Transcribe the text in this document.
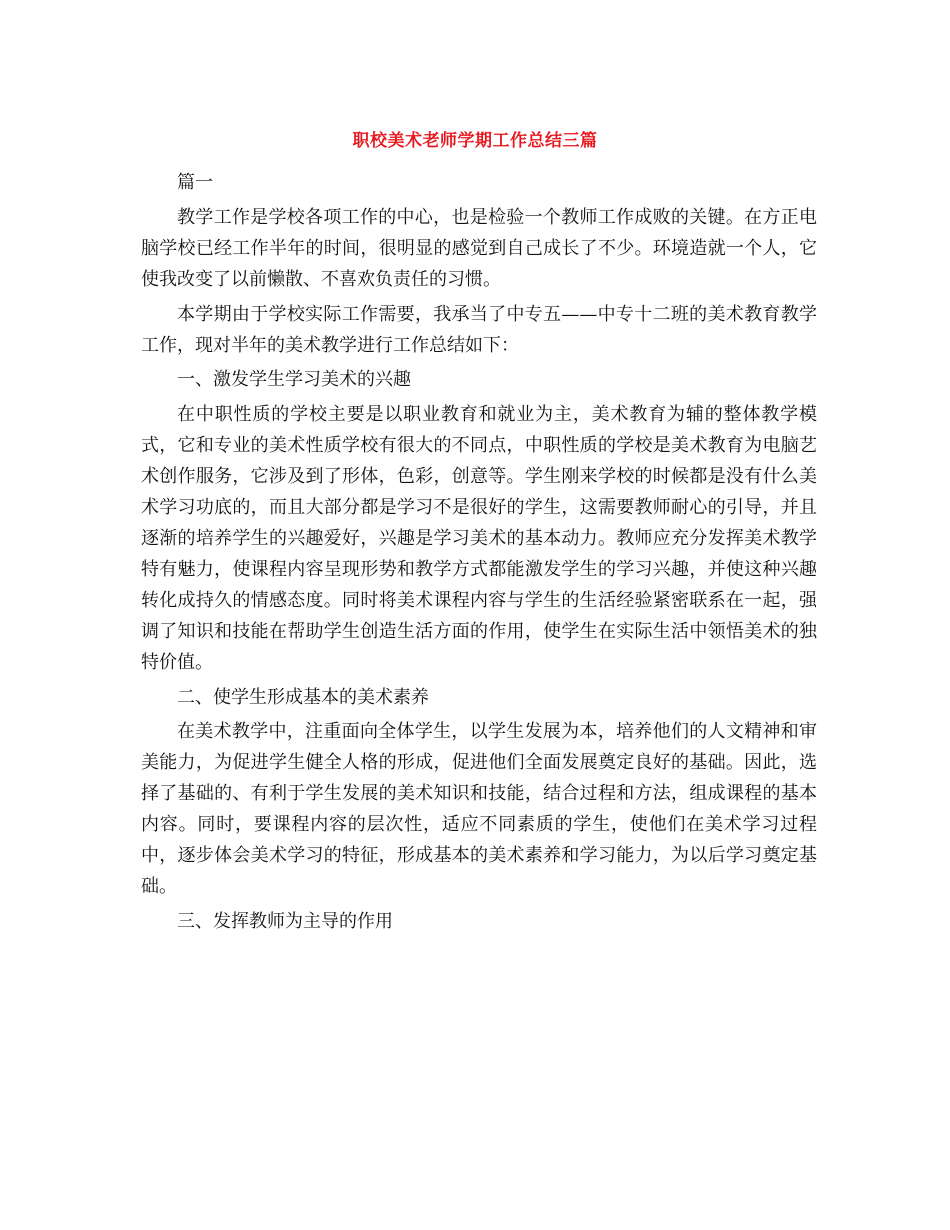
职校美术老师学期工作总结三篇

篇一

教学工作是学校各项工作的中心，也是检验一个教师工作成败的关键。在方正电脑学校已经工作半年的时间，很明显的感觉到自己成长了不少。环境造就一个人，它使我改变了以前懒散、不喜欢负责任的习惯。

本学期由于学校实际工作需要，我承当了中专五——中专十二班的美术教育教学工作，现对半年的美术教学进行工作总结如下：

一、激发学生学习美术的兴趣

在中职性质的学校主要是以职业教育和就业为主，美术教育为辅的整体教学模式，它和专业的美术性质学校有很大的不同点，中职性质的学校是美术教育为电脑艺术创作服务，它涉及到了形体，色彩，创意等。学生刚来学校的时候都是没有什么美术学习功底的，而且大部分都是学习不是很好的学生，这需要教师耐心的引导，并且逐渐的培养学生的兴趣爱好，兴趣是学习美术的基本动力。教师应充分发挥美术教学特有魅力，使课程内容呈现形势和教学方式都能激发学生的学习兴趣，并使这种兴趣转化成持久的情感态度。同时将美术课程内容与学生的生活经验紧密联系在一起，强调了知识和技能在帮助学生创造生活方面的作用，使学生在实际生活中领悟美术的独特价值。

二、使学生形成基本的美术素养

在美术教学中，注重面向全体学生，以学生发展为本，培养他们的人文精神和审美能力，为促进学生健全人格的形成，促进他们全面发展奠定良好的基础。因此，选择了基础的、有利于学生发展的美术知识和技能，结合过程和方法，组成课程的基本内容。同时，要课程内容的层次性，适应不同素质的学生，使他们在美术学习过程中，逐步体会美术学习的特征，形成基本的美术素养和学习能力，为以后学习奠定基础。

三、发挥教师为主导的作用
